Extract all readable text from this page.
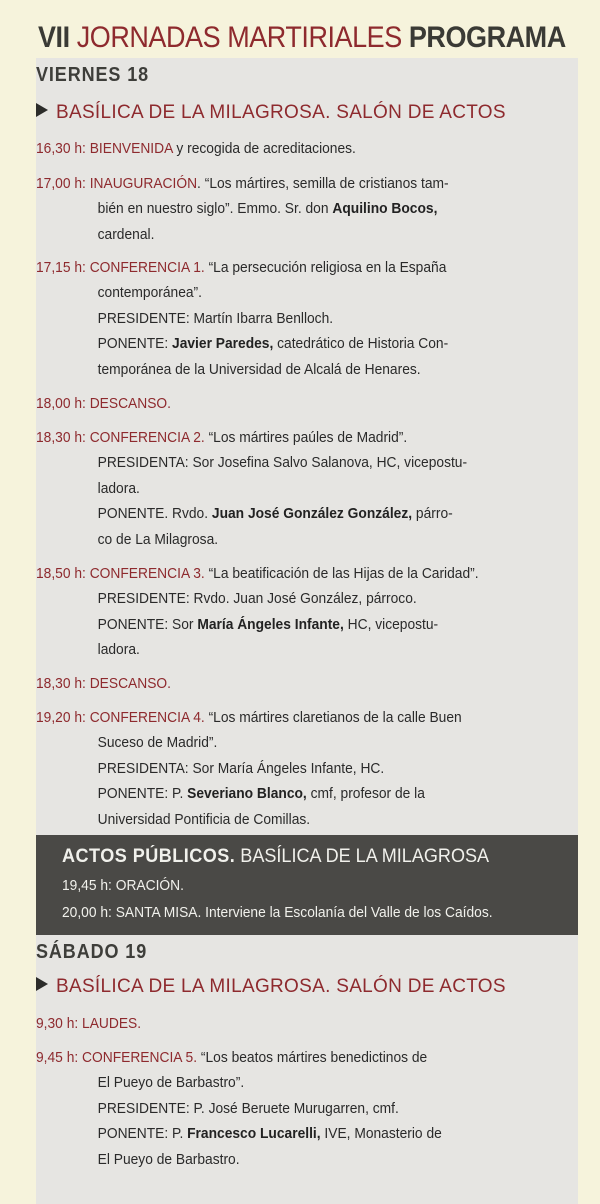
VII JORNADAS MARTIRIALES PROGRAMA
VIERNES 18
BASÍLICA DE LA MILAGROSA. SALÓN DE ACTOS
16,30 h: BIENVENIDA y recogida de acreditaciones.
17,00 h: INAUGURACIÓN. “Los mártires, semilla de cristianos tam-
bién en nuestro siglo”. Emmo. Sr. don Aquilino Bocos,
cardenal.
17,15 h: CONFERENCIA 1. “La persecución religiosa en la España
contemporánea”.
PRESIDENTE: Martín Ibarra Benlloch.
PONENTE: Javier Paredes, catedrático de Historia Con-
temporánea de la Universidad de Alcalá de Henares.
18,00 h: DESCANSO.
18,30 h: CONFERENCIA 2. “Los mártires paúles de Madrid”.
PRESIDENTA: Sor Josefina Salvo Salanova, HC, vicepostu-
ladora.
PONENTE. Rvdo. Juan José González González, párro-
co de La Milagrosa.
18,50 h: CONFERENCIA 3. “La beatificación de las Hijas de la Caridad”.
PRESIDENTE: Rvdo. Juan José González, párroco.
PONENTE: Sor María Ángeles Infante, HC, vicepostu-
ladora.
18,30 h: DESCANSO.
19,20 h: CONFERENCIA 4. “Los mártires claretianos de la calle Buen
Suceso de Madrid”.
PRESIDENTA: Sor María Ángeles Infante, HC.
PONENTE: P. Severiano Blanco, cmf, profesor de la
Universidad Pontificia de Comillas.
ACTOS PÚBLICOS. BASÍLICA DE LA MILAGROSA
19,45 h: ORACIÓN.
20,00 h: SANTA MISA. Interviene la Escolanía del Valle de los Caídos.
SÁBADO 19
BASÍLICA DE LA MILAGROSA. SALÓN DE ACTOS
9,30 h: LAUDES.
9,45 h: CONFERENCIA 5. “Los beatos mártires benedictinos de
El Pueyo de Barbastro”.
PRESIDENTE: P. José Beruete Murugarren, cmf.
PONENTE: P. Francesco Lucarelli, IVE, Monasterio de
El Pueyo de Barbastro.
